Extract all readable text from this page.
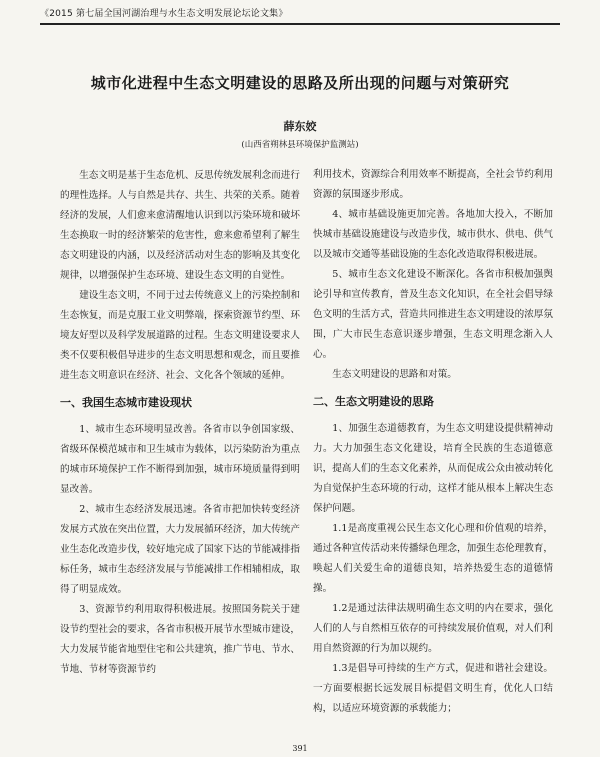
《2015 第七届全国河湖治理与水生态文明发展论坛论文集》
城市化进程中生态文明建设的思路及所出现的问题与对策研究
薛东姣
(山西省朔林县环境保护监测站)

生态文明是基于生态危机、反思传统发展利念而进行的理性选择。人与自然是共存、共生、共荣的关系。随着经济的发展，人们愈来愈清醒地认识到以污染环境和破坏生态换取一时的经济繁荣的危害性，愈来愈希望利了解生态文明建设的内涵，以及经济活动对生态的影响及其变化规律，以增强保护生态环境、建设生态文明的自觉性。

建设生态文明，不同于过去传统意义上的污染控制和生态恢复，而是克服工业文明弊端，探索资源节约型、环境友好型以及科学发展道路的过程。生态文明建设要求人类不仅要积极倡导进步的生态文明思想和观念，而且要推进生态文明意识在经济、社会、文化各个领域的延伸。

一、我国生态城市建设现状

1、城市生态环境明显改善。各省市以争创国家级、省级环保模范城市和卫生城市为载体，以污染防治为重点的城市环境保护工作不断得到加强，城市环境质量得到明显改善。

2、城市生态经济发展迅速。各省市把加快转变经济发展方式放在突出位置，大力发展循环经济，加大传统产业生态化改造步伐，较好地完成了国家下达的节能减排指标任务，城市生态经济发展与节能减排工作相辅相成，取得了明显成效。

3、资源节约利用取得积极进展。按照国务院关于建设节约型社会的要求，各省市积极开展节水型城市建设，大力发展节能省地型住宅和公共建筑，推广节电、节水、节地、节材等资源节约

利用技术，资源综合利用效率不断提高，全社会节约利用资源的氛围逐步形成。

4、城市基础设施更加完善。各地加大投入，不断加快城市基础设施建设与改造步伐，城市供水、供电、供气以及城市交通等基础设施的生态化改造取得积极进展。

5、城市生态文化建设不断深化。各省市积极加强舆论引导和宣传教育，普及生态文化知识，在全社会倡导绿色文明的生活方式，营造共同推进生态文明建设的浓厚氛围，广大市民生态意识逐步增强，生态文明理念渐入人心。

生态文明建设的思路和对策。

二、生态文明建设的思路

1、加强生态道德教育，为生态文明建设提供精神动力。大力加强生态文化建设，培育全民族的生态道德意识，提高人们的生态文化素养，从而促成公众由被动转化为自觉保护生态环境的行动，这样才能从根本上解决生态保护问题。

1.1是高度重视公民生态文化心理和价值观的培养，通过各种宣传活动来传播绿色理念，加强生态伦理教育，唤起人们关爱生命的道德良知，培养热爱生态的道德情操。

1.2是通过法律法规明确生态文明的内在要求，强化人们的人与自然相互依存的可持续发展价值观，对人们利用自然资源的行为加以规约。

1.3是倡导可持续的生产方式，促进和谐社会建设。一方面要根据长远发展目标提倡文明生育，优化人口结构，以适应环境资源的承载能力；

391
